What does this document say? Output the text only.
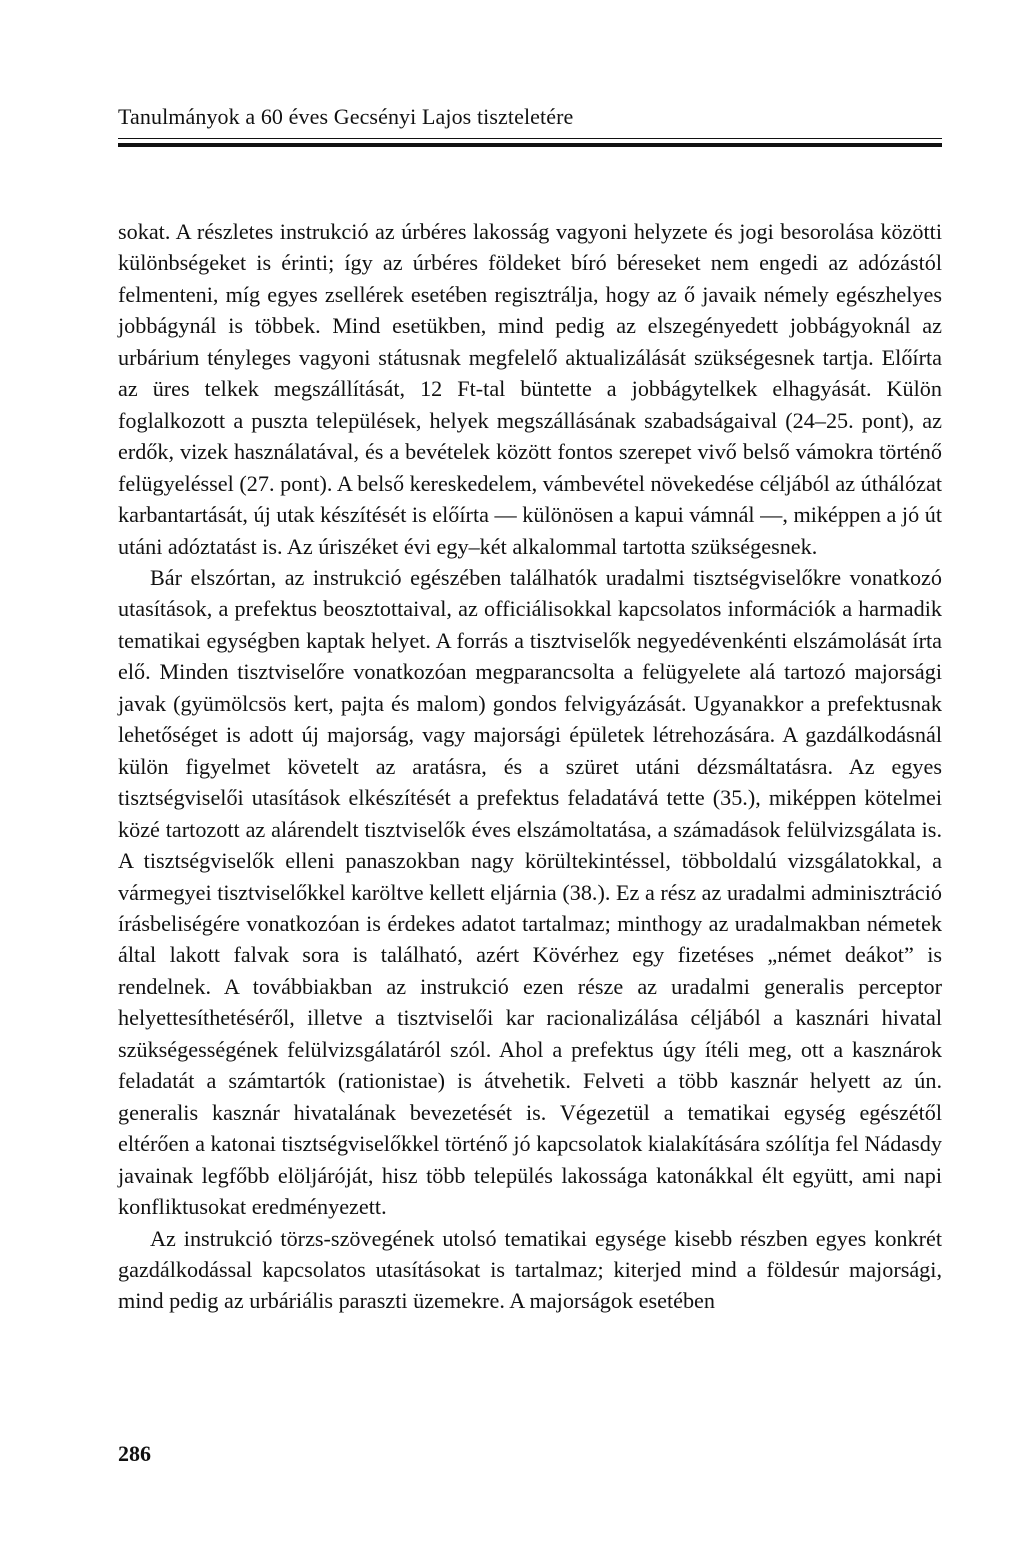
Tanulmányok a 60 éves Gecsényi Lajos tiszteletére

sokat. A részletes instrukció az úrbéres lakosság vagyoni helyzete és jogi besorolása közötti különbségeket is érinti; így az úrbéres földeket bíró béreseket nem engedi az adózástól felmenteni, míg egyes zsellérek esetében regisztrálja, hogy az ő javaik némely egészhelyes jobbágynál is többek. Mind esetükben, mind pedig az elszegényedett jobbágyoknál az urbárium tényleges vagyoni státusnak megfelelő aktualizálását szükségesnek tartja. Előírta az üres telkek megszállítását, 12 Ft-tal büntette a jobbágytelkek elhagyását. Külön foglalkozott a puszta települések, helyek megszállásának szabadságaival (24–25. pont), az erdők, vizek használatával, és a bevételek között fontos szerepet vivő belső vámokra történő felügyeléssel (27. pont). A belső kereskedelem, vámbevétel növekedése céljából az úthálózat karbantartását, új utak készítését is előírta — különösen a kapui vámnál —, miképpen a jó út utáni adóztatást is. Az úriszéket évi egy–két alkalommal tartotta szükségesnek.

Bár elszórtan, az instrukció egészében találhatók uradalmi tisztségviselőkre vonatkozó utasítások, a prefektus beosztottaival, az officiálisokkal kapcsolatos információk a harmadik tematikai egységben kaptak helyet. A forrás a tisztviselők negyedévenkénti elszámolását írta elő. Minden tisztviselőre vonatkozóan megparancsolta a felügyelete alá tartozó majorsági javak (gyümölcsös kert, pajta és malom) gondos felvigyázását. Ugyanakkor a prefektusnak lehetőséget is adott új majorság, vagy majorsági épületek létrehozására. A gazdálkodásnál külön figyelmet követelt az aratásra, és a szüret utáni dézsmáltatásra. Az egyes tisztségviselői utasítások elkészítését a prefektus feladatává tette (35.), miképpen kötelmei közé tartozott az alárendelt tisztviselők éves elszámoltatása, a számadások felülvizsgálata is. A tisztségviselők elleni panaszokban nagy körültekintéssel, többoldalú vizsgálatokkal, a vármegyei tisztviselőkkel karöltve kellett eljárnia (38.). Ez a rész az uradalmi adminisztráció írásbeliségére vonatkozóan is érdekes adatot tartalmaz; minthogy az uradalmakban németek által lakott falvak sora is található, azért Kövérhez egy fizetéses „német deákot” is rendelnek. A továbbiakban az instrukció ezen része az uradalmi generalis perceptor helyettesíthetéséről, illetve a tisztviselői kar racionalizálása céljából a kasznári hivatal szükségességének felülvizsgálatáról szól. Ahol a prefektus úgy ítéli meg, ott a kasznárok feladatát a számtartók (rationistae) is átvehetik. Felveti a több kasznár helyett az ún. generalis kasznár hivatalának bevezetését is. Végezetül a tematikai egység egészétől eltérően a katonai tisztségviselőkkel történő jó kapcsolatok kialakítására szólítja fel Nádasdy javainak legfőbb elöljáróját, hisz több település lakossága katonákkal élt együtt, ami napi konfliktusokat eredményezett.

Az instrukció törzs-szövegének utolsó tematikai egysége kisebb részben egyes konkrét gazdálkodással kapcsolatos utasításokat is tartalmaz; kiterjed mind a földesúr majorsági, mind pedig az urbáriális paraszti üzemekre. A majorságok esetében

286
